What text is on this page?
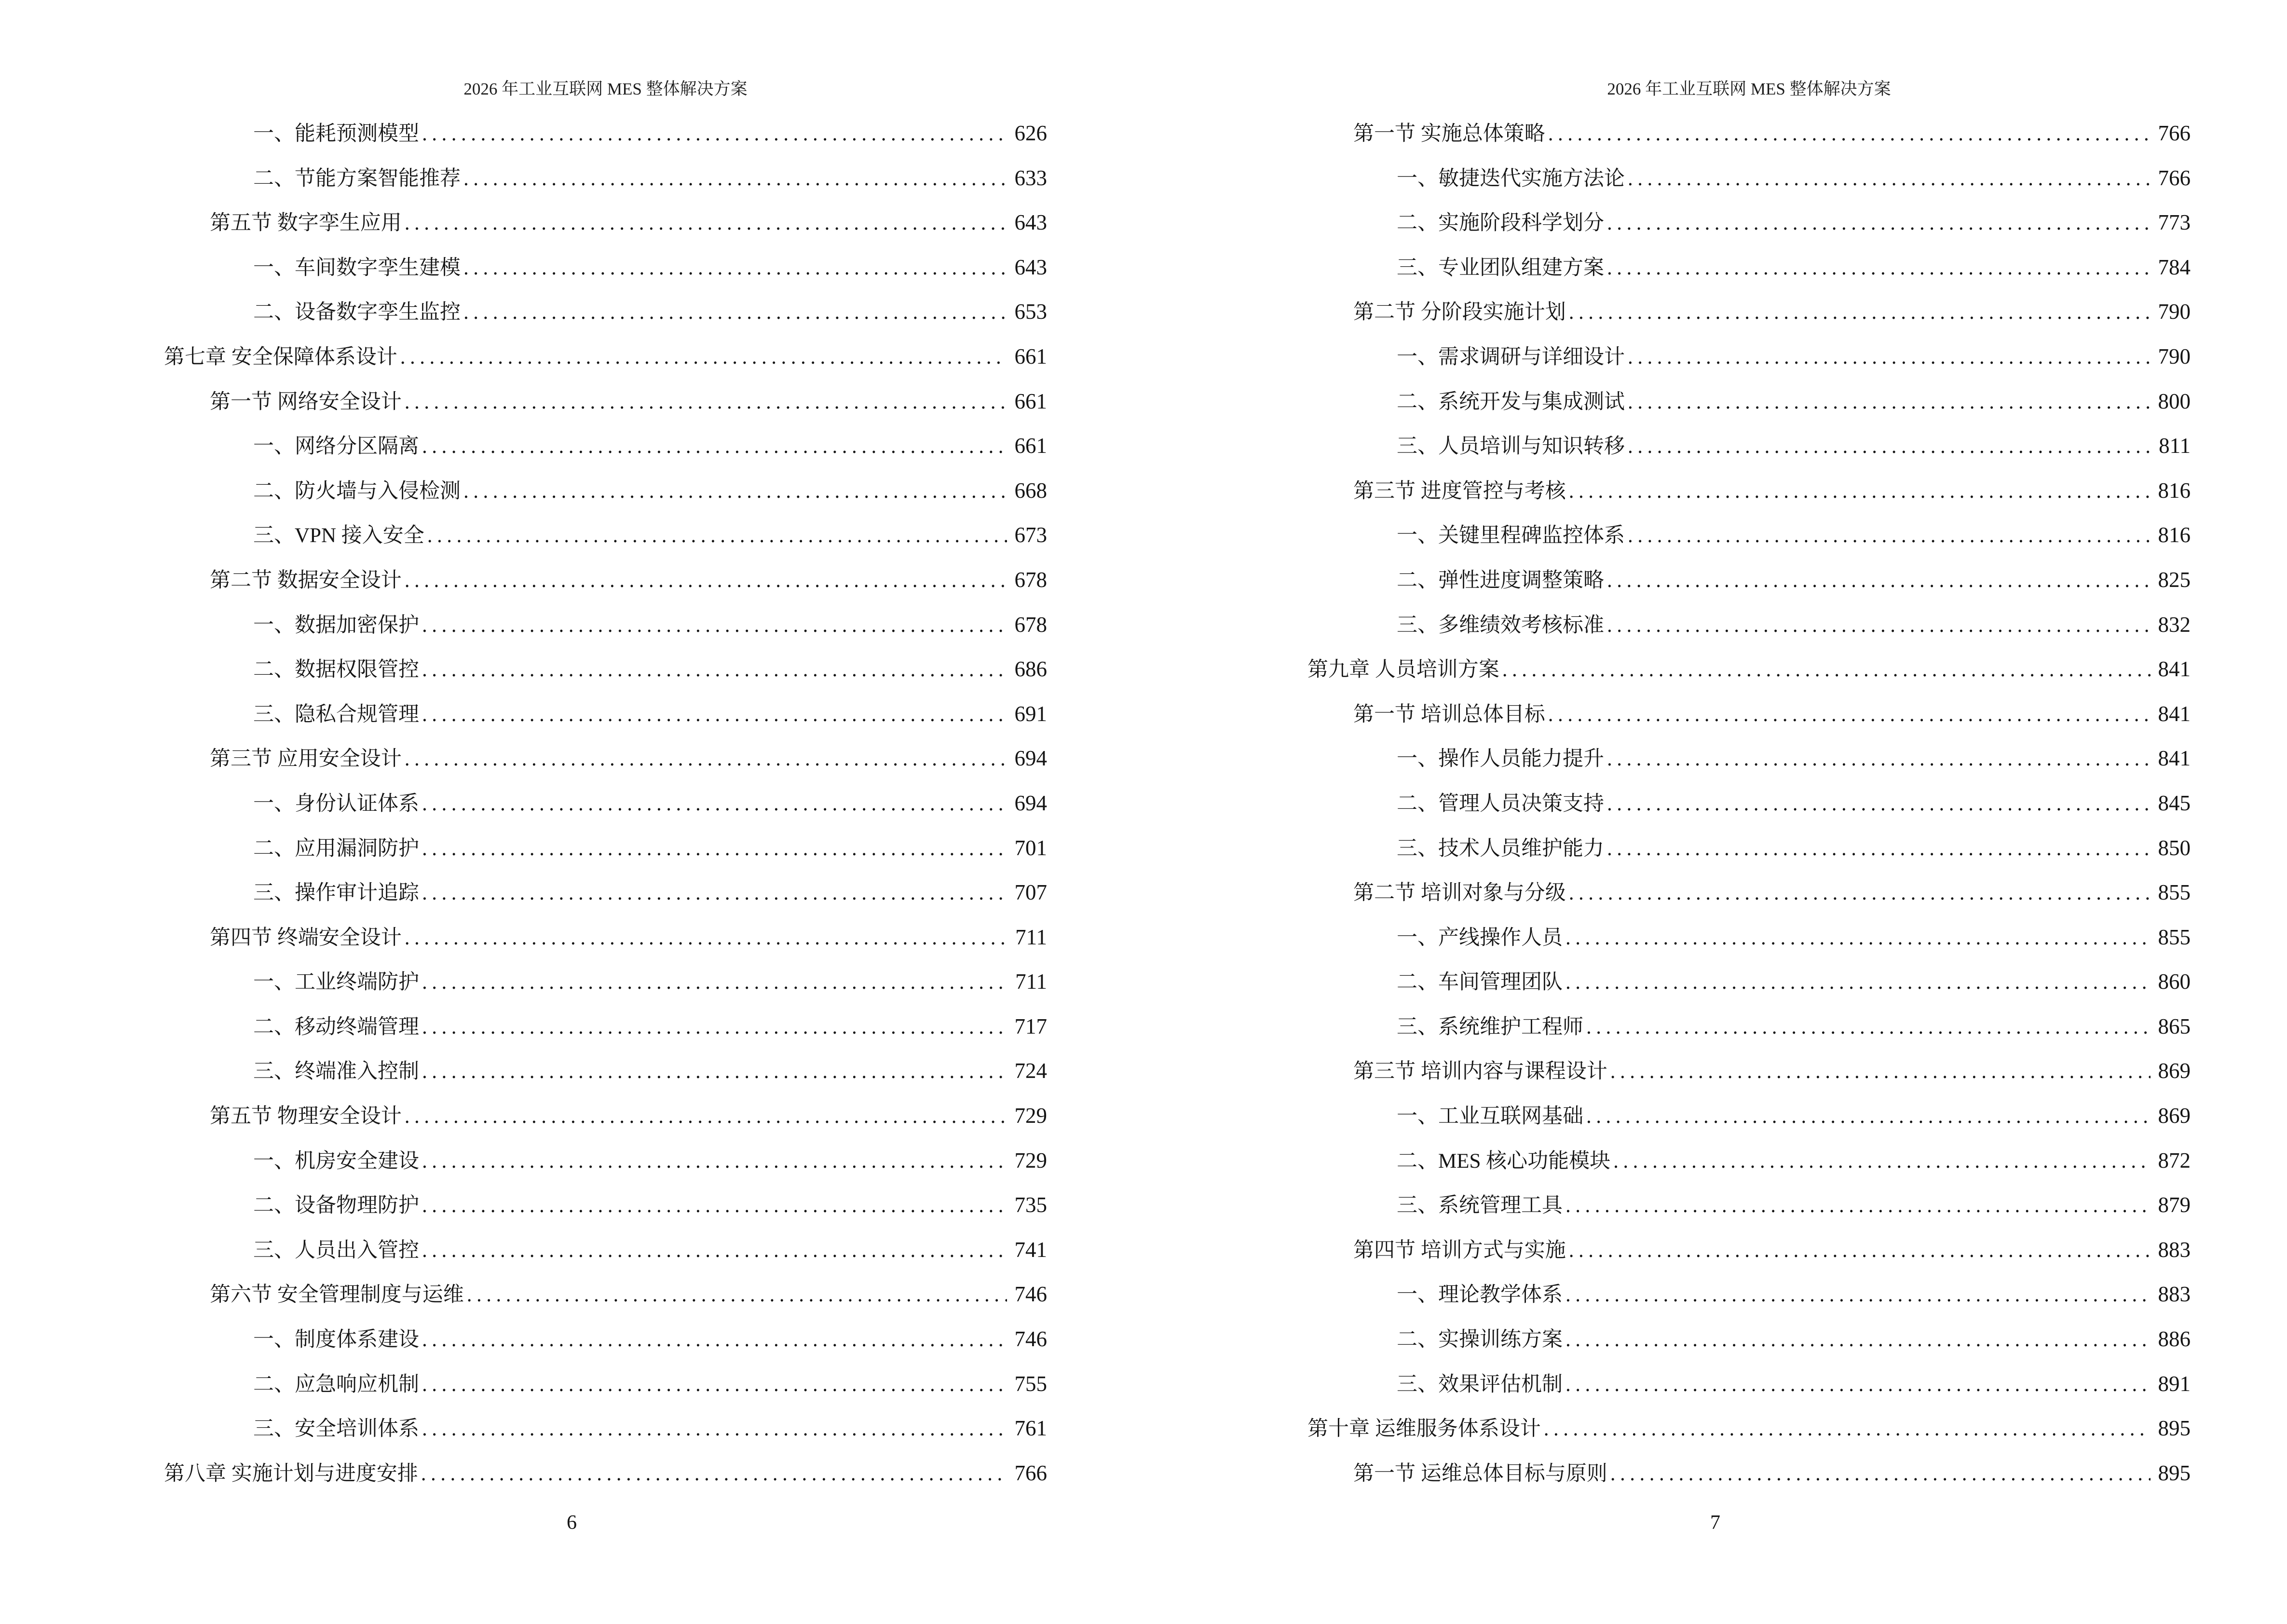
2026 年工业互联网 MES 整体解决方案
一、能耗预测模型 .....	626
二、节能方案智能推荐 .....	633
第五节 数字孪生应用 .....	643
一、车间数字孪生建模 .....	643
二、设备数字孪生监控 .....	653
第七章 安全保障体系设计 .....	661
第一节 网络安全设计 .....	661
一、网络分区隔离 .....	661
二、防火墙与入侵检测 .....	668
三、VPN 接入安全 .....	673
第二节 数据安全设计 .....	678
一、数据加密保护 .....	678
二、数据权限管控 .....	686
三、隐私合规管理 .....	691
第三节 应用安全设计 .....	694
一、身份认证体系 .....	694
二、应用漏洞防护 .....	701
三、操作审计追踪 .....	707
第四节 终端安全设计 .....	711
一、工业终端防护 .....	711
二、移动终端管理 .....	717
三、终端准入控制 .....	724
第五节 物理安全设计 .....	729
一、机房安全建设 .....	729
二、设备物理防护 .....	735
三、人员出入管控 .....	741
第六节 安全管理制度与运维 .....	746
一、制度体系建设 .....	746
二、应急响应机制 .....	755
三、安全培训体系 .....	761
第八章 实施计划与进度安排 .....	766
6
2026 年工业互联网 MES 整体解决方案
第一节 实施总体策略 .....	766
一、敏捷迭代实施方法论 .....	766
二、实施阶段科学划分 .....	773
三、专业团队组建方案 .....	784
第二节 分阶段实施计划 .....	790
一、需求调研与详细设计 .....	790
二、系统开发与集成测试 .....	800
三、人员培训与知识转移 .....	811
第三节 进度管控与考核 .....	816
一、关键里程碑监控体系 .....	816
二、弹性进度调整策略 .....	825
三、多维绩效考核标准 .....	832
第九章 人员培训方案 .....	841
第一节 培训总体目标 .....	841
一、操作人员能力提升 .....	841
二、管理人员决策支持 .....	845
三、技术人员维护能力 .....	850
第二节 培训对象与分级 .....	855
一、产线操作人员 .....	855
二、车间管理团队 .....	860
三、系统维护工程师 .....	865
第三节 培训内容与课程设计 .....	869
一、工业互联网基础 .....	869
二、MES 核心功能模块 .....	872
三、系统管理工具 .....	879
第四节 培训方式与实施 .....	883
一、理论教学体系 .....	883
二、实操训练方案 .....	886
三、效果评估机制 .....	891
第十章 运维服务体系设计 .....	895
第一节 运维总体目标与原则 .....	895
7
